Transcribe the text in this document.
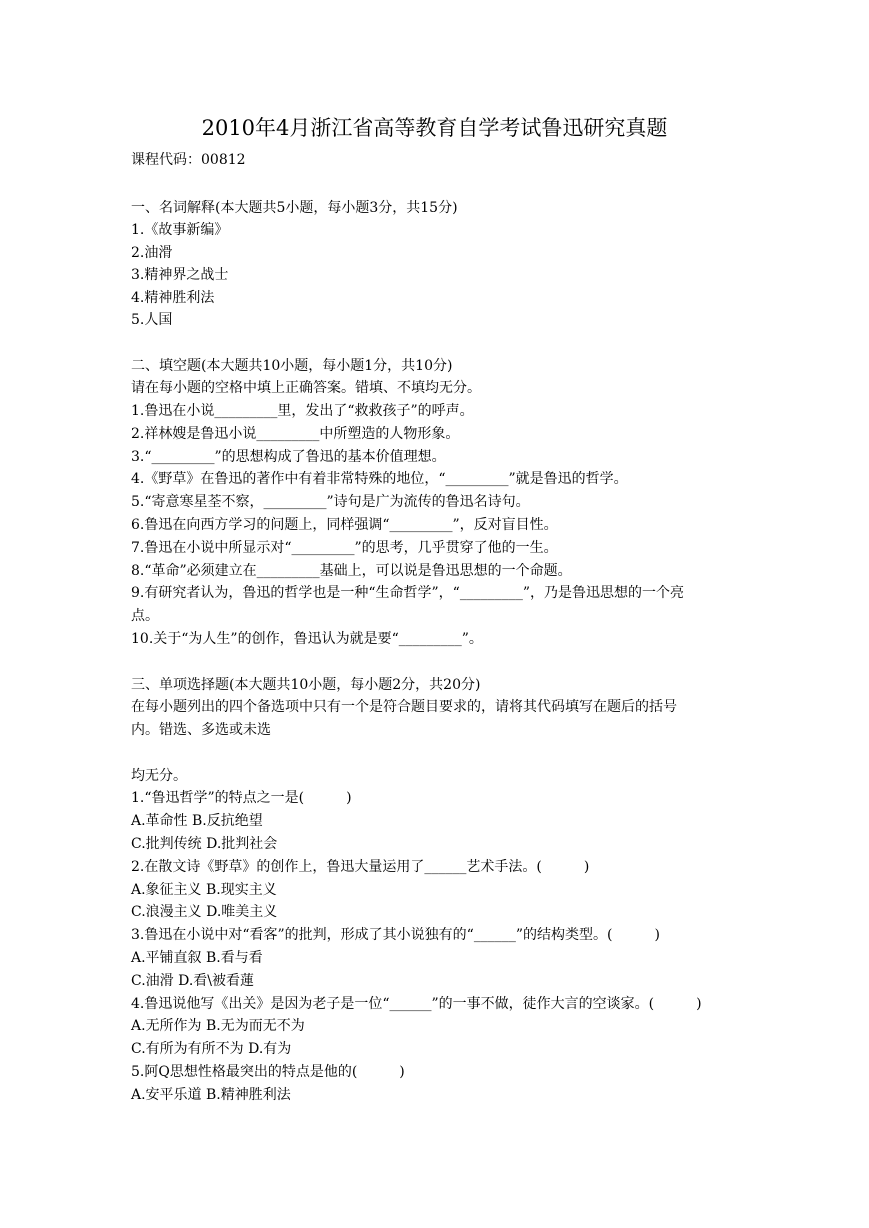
2010年4月浙江省高等教育自学考试鲁迅研究真题

课程代码：00812

一、名词解释(本大题共5小题，每小题3分，共15分)

1.《故事新编》

2.油滑

3.精神界之战士

4.精神胜利法

5.人国

二、填空题(本大题共10小题，每小题1分，共10分)

请在每小题的空格中填上正确答案。错填、不填均无分。

1.鲁迅在小说_________里，发出了“救救孩子”的呼声。

2.祥林嫂是鲁迅小说_________中所塑造的人物形象。

3.“_________”的思想构成了鲁迅的基本价值理想。

4.《野草》在鲁迅的著作中有着非常特殊的地位，“_________”就是鲁迅的哲学。

5.“寄意寒星荃不察，_________”诗句是广为流传的鲁迅名诗句。

6.鲁迅在向西方学习的问题上，同样强调“_________”，反对盲目性。

7.鲁迅在小说中所显示对“_________”的思考，几乎贯穿了他的一生。

8.“革命”必须建立在_________基础上，可以说是鲁迅思想的一个命题。

9.有研究者认为，鲁迅的哲学也是一种“生命哲学”，“_________”，乃是鲁迅思想的一个亮

点。

10.关于“为人生”的创作，鲁迅认为就是要“_________”。

三、单项选择题(本大题共10小题，每小题2分，共20分)

在每小题列出的四个备选项中只有一个是符合题目要求的，请将其代码填写在题后的括号

内。错选、多选或未选

均无分。

1.“鲁迅哲学”的特点之一是(　　　)

A.革命性 B.反抗绝望

C.批判传统 D.批判社会

2.在散文诗《野草》的创作上，鲁迅大量运用了______艺术手法。(　　　)

A.象征主义 B.现实主义

C.浪漫主义 D.唯美主义

3.鲁迅在小说中对“看客”的批判，形成了其小说独有的“______”的结构类型。(　　　)

A.平铺直叙 B.看与看

C.油滑 D.看\被看蓮

4.鲁迅说他写《出关》是因为老子是一位“______”的一事不做，徒作大言的空谈家。(　　　)

A.无所作为 B.无为而无不为

C.有所为有所不为 D.有为

5.阿Q思想性格最突出的特点是他的(　　　)

A.安平乐道 B.精神胜利法
